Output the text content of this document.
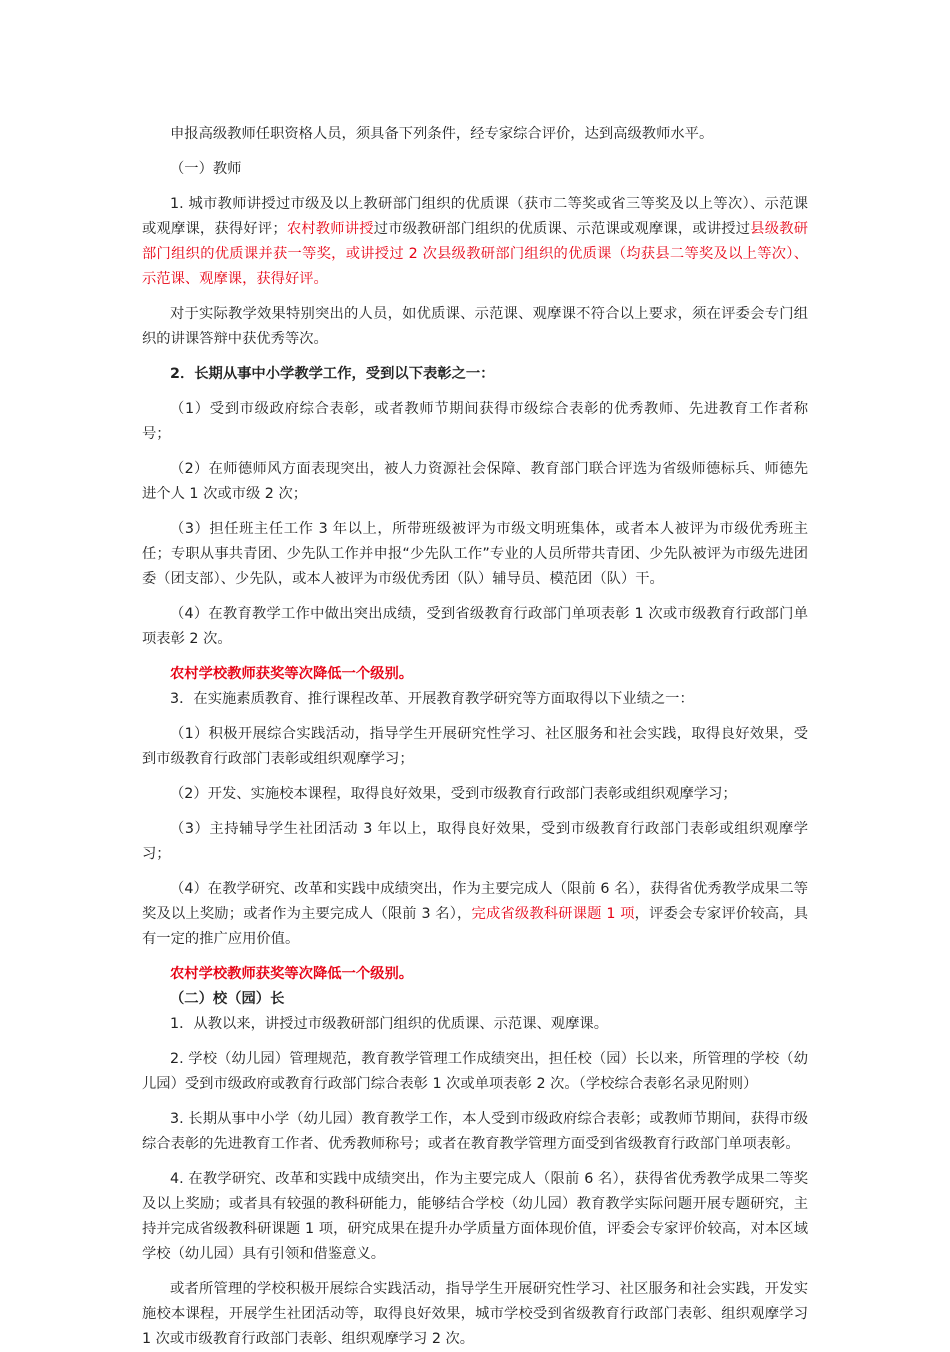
申报高级教师任职资格人员，须具备下列条件，经专家综合评价，达到高级教师水平。

（一）教师

1. 城市教师讲授过市级及以上教研部门组织的优质课（获市二等奖或省三等奖及以上等次）、示范课或观摩课，获得好评；农村教师讲授过市级教研部门组织的优质课、示范课或观摩课，或讲授过县级教研部门组织的优质课并获一等奖，或讲授过 2 次县级教研部门组织的优质课（均获县二等奖及以上等次）、示范课、观摩课，获得好评。

对于实际教学效果特别突出的人员，如优质课、示范课、观摩课不符合以上要求，须在评委会专门组织的讲课答辩中获优秀等次。

2．长期从事中小学教学工作，受到以下表彰之一：

（1）受到市级政府综合表彰，或者教师节期间获得市级综合表彰的优秀教师、先进教育工作者称号；

（2）在师德师风方面表现突出，被人力资源社会保障、教育部门联合评选为省级师德标兵、师德先进个人 1 次或市级 2 次；

（3）担任班主任工作 3 年以上，所带班级被评为市级文明班集体，或者本人被评为市级优秀班主任；专职从事共青团、少先队工作并申报“少先队工作”专业的人员所带共青团、少先队被评为市级先进团委（团支部）、少先队，或本人被评为市级优秀团（队）辅导员、模范团（队）干。

（4）在教育教学工作中做出突出成绩，受到省级教育行政部门单项表彰 1 次或市级教育行政部门单项表彰 2 次。

农村学校教师获奖等次降低一个级别。

3．在实施素质教育、推行课程改革、开展教育教学研究等方面取得以下业绩之一：

（1）积极开展综合实践活动，指导学生开展研究性学习、社区服务和社会实践，取得良好效果，受到市级教育行政部门表彰或组织观摩学习；

（2）开发、实施校本课程，取得良好效果，受到市级教育行政部门表彰或组织观摩学习；

（3）主持辅导学生社团活动 3 年以上，取得良好效果，受到市级教育行政部门表彰或组织观摩学习；

（4）在教学研究、改革和实践中成绩突出，作为主要完成人（限前 6 名），获得省优秀教学成果二等奖及以上奖励；或者作为主要完成人（限前 3 名），完成省级教科研课题 1 项，评委会专家评价较高，具有一定的推广应用价值。

农村学校教师获奖等次降低一个级别。

（二）校（园）长

1．从教以来，讲授过市级教研部门组织的优质课、示范课、观摩课。

2. 学校（幼儿园）管理规范，教育教学管理工作成绩突出，担任校（园）长以来，所管理的学校（幼儿园）受到市级政府或教育行政部门综合表彰 1 次或单项表彰 2 次。（学校综合表彰名录见附则）

3. 长期从事中小学（幼儿园）教育教学工作，本人受到市级政府综合表彰；或教师节期间，获得市级综合表彰的先进教育工作者、优秀教师称号；或者在教育教学管理方面受到省级教育行政部门单项表彰。

4. 在教学研究、改革和实践中成绩突出，作为主要完成人（限前 6 名），获得省优秀教学成果二等奖及以上奖励；或者具有较强的教科研能力，能够结合学校（幼儿园）教育教学实际问题开展专题研究，主持并完成省级教科研课题 1 项，研究成果在提升办学质量方面体现价值，评委会专家评价较高，对本区域学校（幼儿园）具有引领和借鉴意义。

或者所管理的学校积极开展综合实践活动，指导学生开展研究性学习、社区服务和社会实践，开发实施校本课程，开展学生社团活动等，取得良好效果，城市学校受到省级教育行政部门表彰、组织观摩学习 1 次或市级教育行政部门表彰、组织观摩学习 2 次。
